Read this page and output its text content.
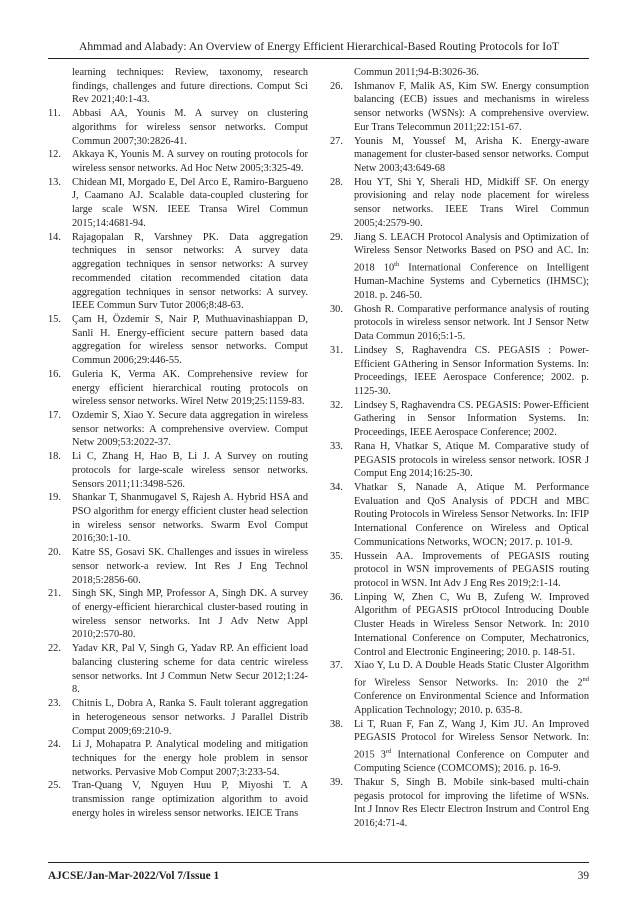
Ahmmad and Alabady: An Overview of Energy Efficient Hierarchical-Based Routing Protocols for IoT
learning techniques: Review, taxonomy, research findings, challenges and future directions. Comput Sci Rev 2021;40:1-43.
11.	Abbasi AA, Younis M. A survey on clustering algorithms for wireless sensor networks. Comput Commun 2007;30:2826-41.
12.	Akkaya K, Younis M. A survey on routing protocols for wireless sensor networks. Ad Hoc Netw 2005;3:325-49.
13.	Chidean MI, Morgado E, Del Arco E, Ramiro-Bargueno J, Caamano AJ. Scalable data-coupled clustering for large scale WSN. IEEE Transa Wirel Commun 2015;14:4681-94.
14.	Rajagopalan R, Varshney PK. Data aggregation techniques in sensor networks: A survey data aggregation techniques in sensor networks: A survey recommended citation recommended citation data aggregation techniques in sensor networks: A survey. IEEE Commun Surv Tutor 2006;8:48-63.
15.	Çam H, Özdemir S, Nair P, Muthuavinashiappan D, Sanli H. Energy-efficient secure pattern based data aggregation for wireless sensor networks. Comput Commun 2006;29:446-55.
16.	Guleria K, Verma AK. Comprehensive review for energy efficient hierarchical routing protocols on wireless sensor networks. Wirel Netw 2019;25:1159-83.
17.	Ozdemir S, Xiao Y. Secure data aggregation in wireless sensor networks: A comprehensive overview. Comput Netw 2009;53:2022-37.
18.	Li C, Zhang H, Hao B, Li J. A Survey on routing protocols for large-scale wireless sensor networks. Sensors 2011;11:3498-526.
19.	Shankar T, Shanmugavel S, Rajesh A. Hybrid HSA and PSO algorithm for energy efficient cluster head selection in wireless sensor networks. Swarm Evol Comput 2016;30:1-10.
20.	Katre SS, Gosavi SK. Challenges and issues in wireless sensor network-a review. Int Res J Eng Technol 2018;5:2856-60.
21.	Singh SK, Singh MP, Professor A, Singh DK. A survey of energy-efficient hierarchical cluster-based routing in wireless sensor networks. Int J Adv Netw Appl 2010;2:570-80.
22.	Yadav KR, Pal V, Singh G, Yadav RP. An efficient load balancing clustering scheme for data centric wireless sensor networks. Int J Commun Netw Secur 2012;1:24-8.
23.	Chitnis L, Dobra A, Ranka S. Fault tolerant aggregation in heterogeneous sensor networks. J Parallel Distrib Comput 2009;69:210-9.
24.	Li J, Mohapatra P. Analytical modeling and mitigation techniques for the energy hole problem in sensor networks. Pervasive Mob Comput 2007;3:233-54.
25.	Tran-Quang V, Nguyen Huu P, Miyoshi T. A transmission range optimization algorithm to avoid energy holes in wireless sensor networks. IEICE Trans
Commun 2011;94-B:3026-36.
26.	Ishmanov F, Malik AS, Kim SW. Energy consumption balancing (ECB) issues and mechanisms in wireless sensor networks (WSNs): A comprehensive overview. Eur Trans Telecommun 2011;22:151-67.
27.	Younis M, Youssef M, Arisha K. Energy-aware management for cluster-based sensor networks. Comput Netw 2003;43:649-68
28.	Hou YT, Shi Y, Sherali HD, Midkiff SF. On energy provisioning and relay node placement for wireless sensor networks. IEEE Trans Wirel Commun 2005;4:2579-90.
29.	Jiang S. LEACH Protocol Analysis and Optimization of Wireless Sensor Networks Based on PSO and AC. In: 2018 10th International Conference on Intelligent Human-Machine Systems and Cybernetics (IHMSC); 2018. p. 246-50.
30.	Ghosh R. Comparative performance analysis of routing protocols in wireless sensor network. Int J Sensor Netw Data Commun 2016;5:1-5.
31.	Lindsey S, Raghavendra CS. PEGASIS : Power-Efficient GAthering in Sensor Information Systems. In: Proceedings, IEEE Aerospace Conference; 2002. p. 1125-30.
32.	Lindsey S, Raghavendra CS. PEGASIS: Power-Efficient Gathering in Sensor Information Systems. In: Proceedings, IEEE Aerospace Conference; 2002.
33.	Rana H, Vhatkar S, Atique M. Comparative study of PEGASIS protocols in wireless sensor network. IOSR J Comput Eng 2014;16:25-30.
34.	Vhatkar S, Nanade A, Atique M. Performance Evaluation and QoS Analysis of PDCH and MBC Routing Protocols in Wireless Sensor Networks. In: IFIP International Conference on Wireless and Optical Communications Networks, WOCN; 2017. p. 101-9.
35.	Hussein AA. Improvements of PEGASIS routing protocol in WSN improvements of PEGASIS routing protocol in WSN. Int Adv J Eng Res 2019;2:1-14.
36.	Linping W, Zhen C, Wu B, Zufeng W. Improved Algorithm of PEGASIS prOtocol Introducing Double Cluster Heads in Wireless Sensor Network. In: 2010 International Conference on Computer, Mechatronics, Control and Electronic Engineering; 2010. p. 148-51.
37.	Xiao Y, Lu D. A Double Heads Static Cluster Algorithm for Wireless Sensor Networks. In: 2010 the 2nd Conference on Environmental Science and Information Application Technology; 2010. p. 635-8.
38.	Li T, Ruan F, Fan Z, Wang J, Kim JU. An Improved PEGASIS Protocol for Wireless Sensor Network. In: 2015 3rd International Conference on Computer and Computing Science (COMCOMS); 2016. p. 16-9.
39.	Thakur S, Singh B. Mobile sink-based multi-chain pegasis protocol for improving the lifetime of WSNs. Int J Innov Res Electr Electron Instrum and Control Eng 2016;4:71-4.
AJCSE/Jan-Mar-2022/Vol 7/Issue 1	39
